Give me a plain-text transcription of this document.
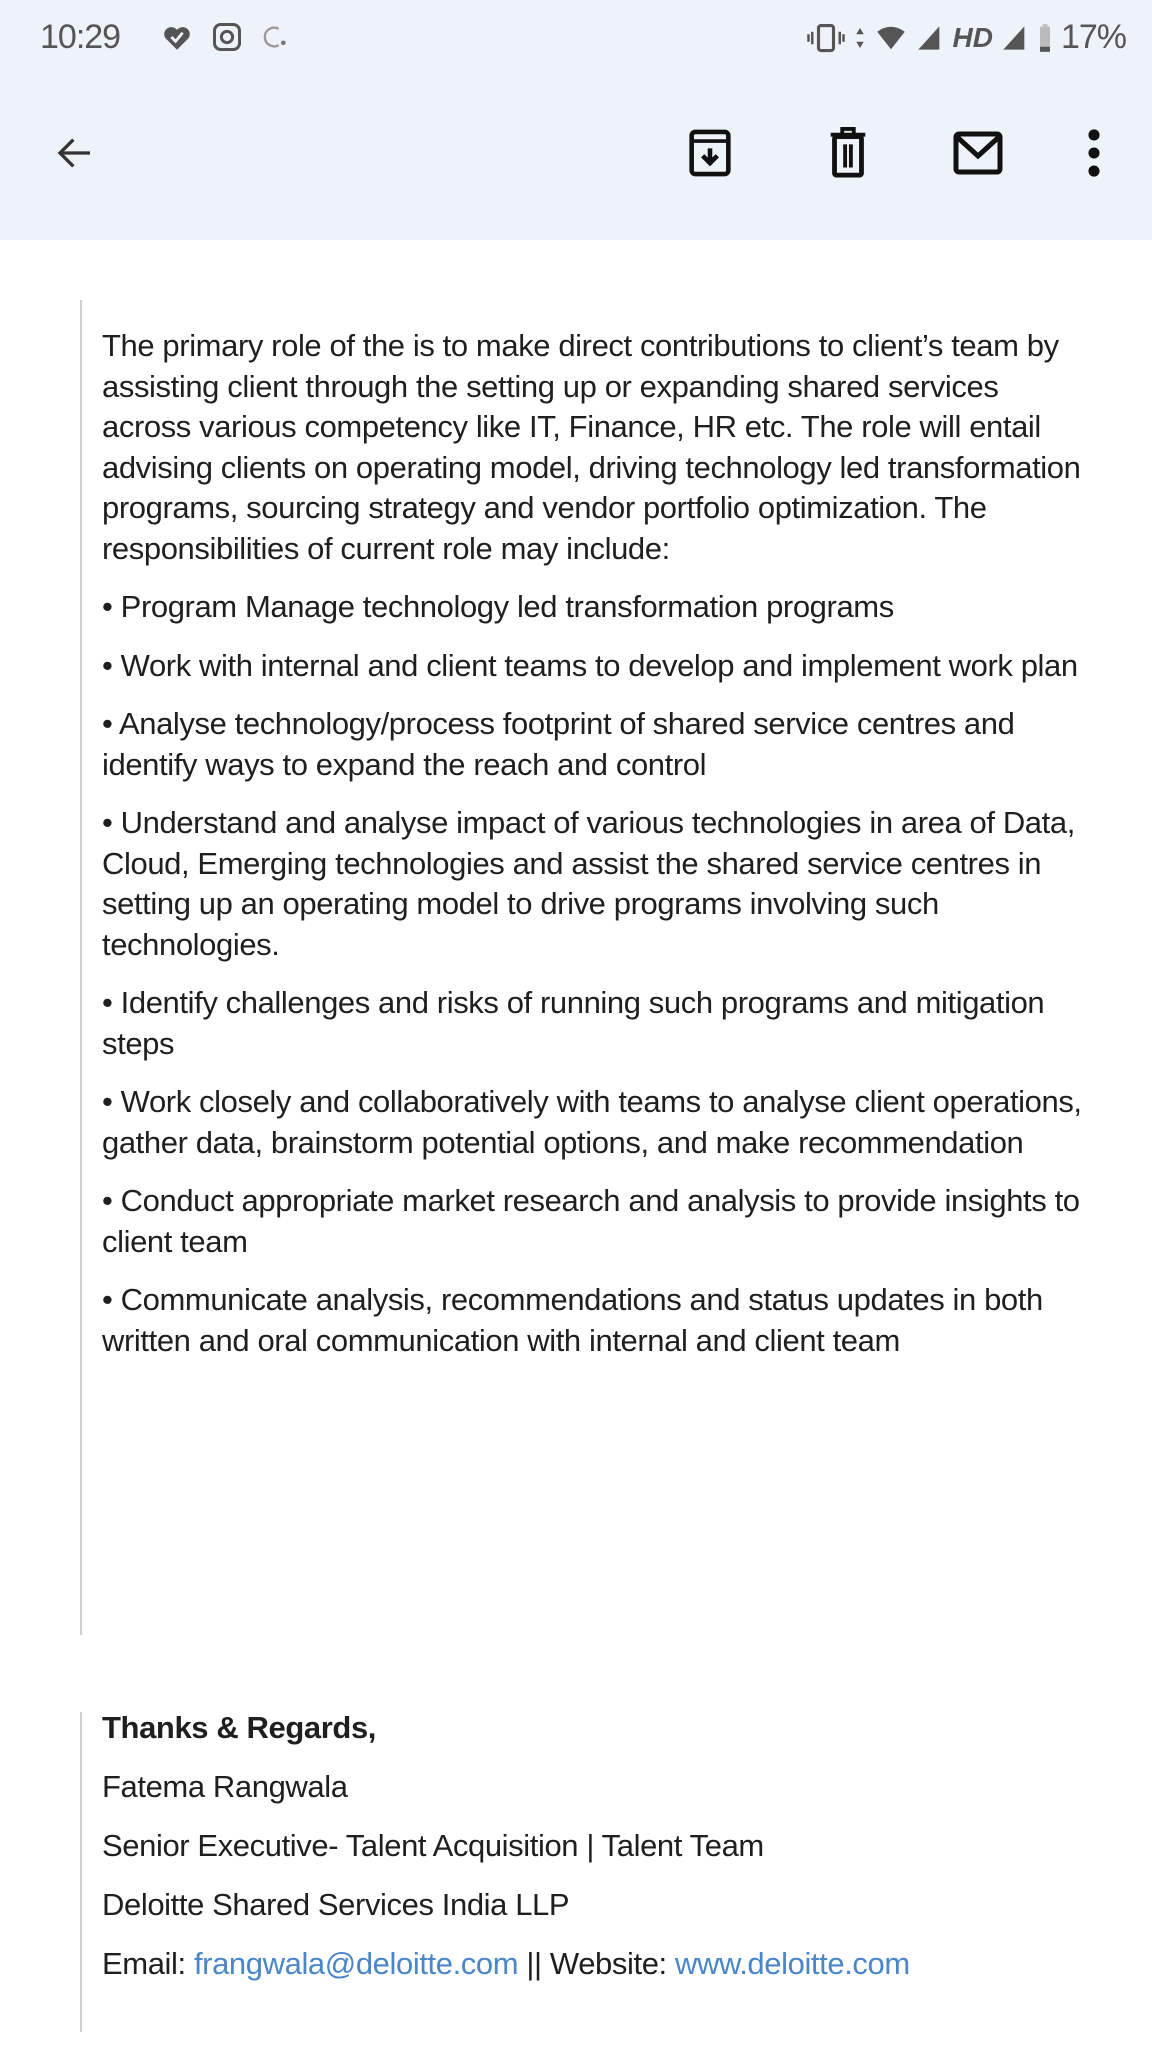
10:29	HD 17%

The primary role of the is to make direct contributions to client’s team by assisting client through the setting up or expanding shared services across various competency like IT, Finance, HR etc. The role will entail advising clients on operating model, driving technology led transformation programs, sourcing strategy and vendor portfolio optimization. The responsibilities of current role may include:

• Program Manage technology led transformation programs

• Work with internal and client teams to develop and implement work plan

• Analyse technology/process footprint of shared service centres and identify ways to expand the reach and control

• Understand and analyse impact of various technologies in area of Data, Cloud, Emerging technologies and assist the shared service centres in setting up an operating model to drive programs involving such technologies.

• Identify challenges and risks of running such programs and mitigation steps

• Work closely and collaboratively with teams to analyse client operations, gather data, brainstorm potential options, and make recommendation

• Conduct appropriate market research and analysis to provide insights to client team

• Communicate analysis, recommendations and status updates in both written and oral communication with internal and client team

Thanks & Regards,
Fatema Rangwala
Senior Executive- Talent Acquisition | Talent Team
Deloitte Shared Services India LLP
Email: frangwala@deloitte.com || Website: www.deloitte.com
